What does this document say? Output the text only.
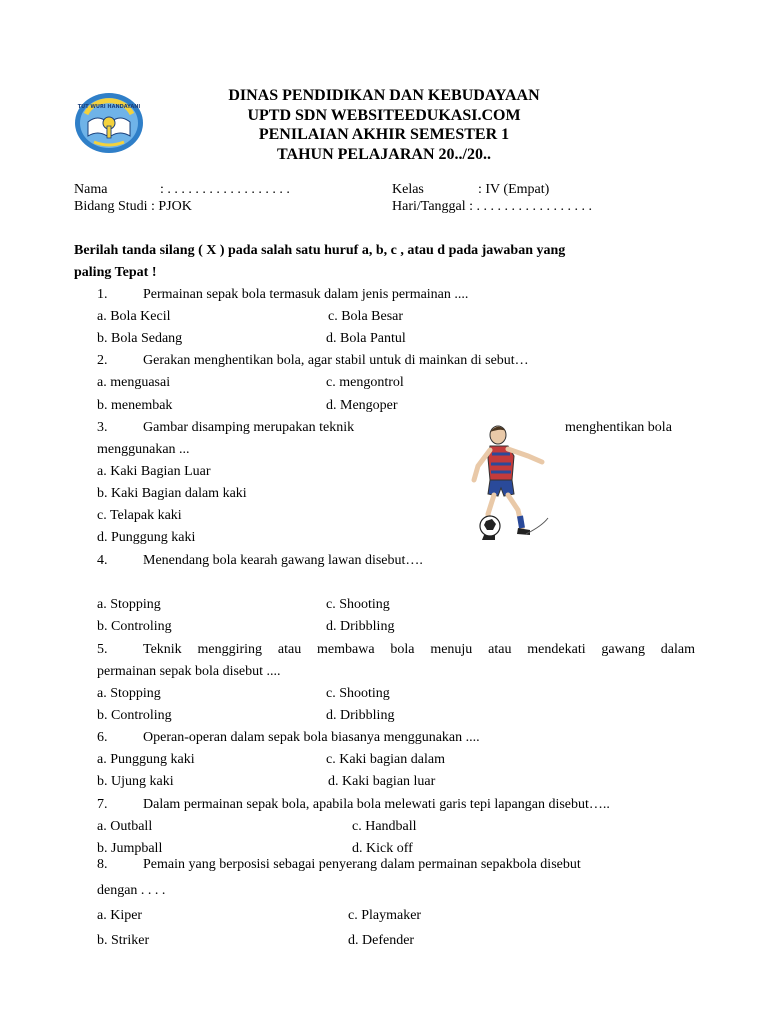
TUT WURI HANDAYANI
DINAS PENDIDIKAN DAN KEBUDAYAAN
UPTD SDN WEBSITEEDUKASI.COM
PENILAIAN AKHIR SEMESTER 1
TAHUN PELAJARAN 20../20..
Nama	: . . . . . . . . . . . . . . . . . .
Bidang Studi : PJOK
Kelas	: IV (Empat)
Hari/Tanggal : . . . . . . . . . . . . . . . . .
Berilah tanda silang ( X ) pada salah satu huruf a, b, c , atau d pada jawaban yang
paling Tepat !
1.	Permainan sepak bola termasuk dalam jenis permainan ....
a. Bola Kecil	c. Bola Besar
b. Bola Sedang	d. Bola Pantul
2.	Gerakan menghentikan bola, agar stabil untuk di mainkan di sebut…
a. menguasai	c. mengontrol
b. menembak	d. Mengoper
3.	Gambar disamping merupakan teknik	menghentikan bola
menggunakan ...
a. Kaki Bagian Luar
b. Kaki Bagian dalam kaki
c. Telapak kaki
d. Punggung kaki
4.	Menendang bola kearah gawang lawan disebut….
a. Stopping	c. Shooting
b. Controling	d. Dribbling
5.	Teknik menggiring atau membawa bola menuju atau mendekati gawang dalam
permainan sepak bola disebut ....
a. Stopping	c. Shooting
b. Controling	d. Dribbling
6.	Operan-operan dalam sepak bola biasanya menggunakan ....
a. Punggung kaki	c. Kaki bagian dalam
b. Ujung kaki	d. Kaki bagian luar
7.	Dalam permainan sepak bola, apabila bola melewati garis tepi lapangan disebut…..
a. Outball	c. Handball
b. Jumpball	d. Kick off
8.	Pemain yang berposisi sebagai penyerang dalam permainan sepakbola disebut
dengan . . . .
a. Kiper	c. Playmaker
b. Striker	d. Defender
